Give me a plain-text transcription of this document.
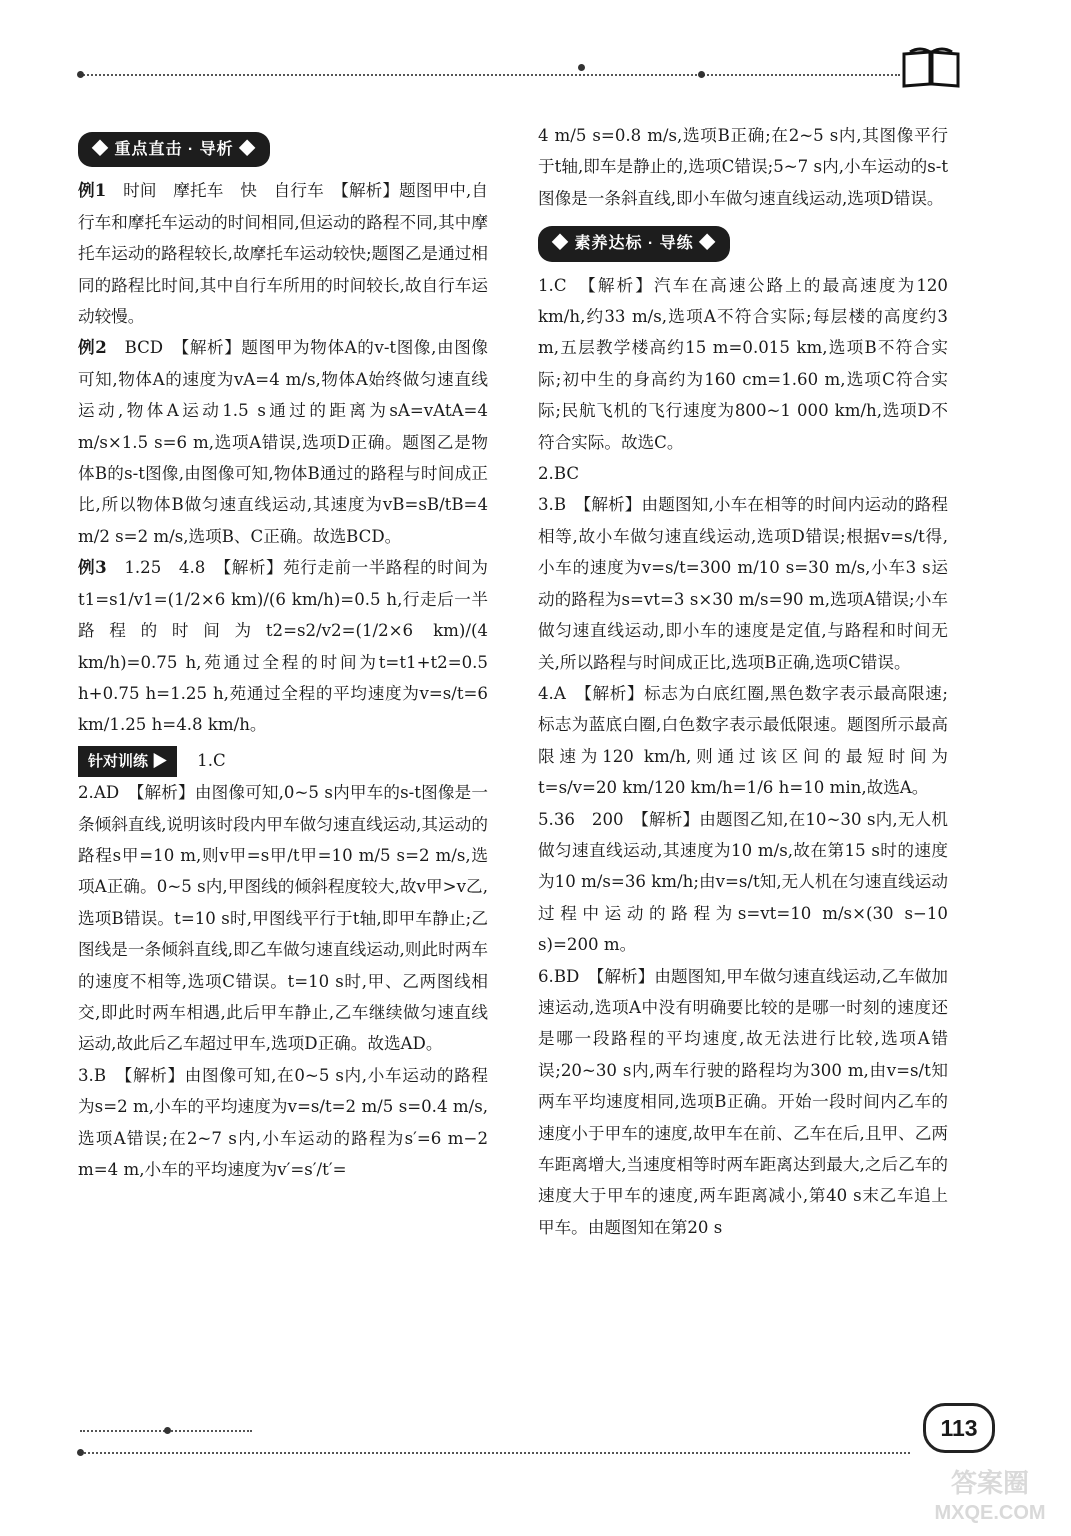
◆ 重点直击 · 导析 ◆

例1　 时间　摩托车　快　自行车　【解析】题图甲中,自行车和摩托车运动的时间相同,但运动的路程不同,其中摩托车运动的路程较长,故摩托车运动较快;题图乙是通过相同的路程比时间,其中自行车所用的时间较长,故自行车运动较慢。

例2　 BCD　【解析】题图甲为物体A的v-t图像,由图像可知,物体A的速度为vA=4 m/s,物体A始终做匀速直线运动,物体A运动1.5 s通过的距离为sA=vAtA=4 m/s×1.5 s=6 m,选项A错误,选项D正确。题图乙是物体B的s-t图像,由图像可知,物体B通过的路程与时间成正比,所以物体B做匀速直线运动,其速度为vB=sB/tB=4 m/2 s=2 m/s,选项B、C正确。故选BCD。

例3　 1.25　4.8　【解析】苑行走前一半路程的时间为t1=s1/v1=(1/2×6 km)/(6 km/h)=0.5 h,行走后一半路程的时间为t2=s2/v2=(1/2×6 km)/(4 km/h)=0.75 h,苑通过全程的时间为t=t1+t2=0.5 h+0.75 h=1.25 h,苑通过全程的平均速度为v=s/t=6 km/1.25 h=4.8 km/h。

针对训练 ▶ 1.C

2.AD　【解析】由图像可知,0~5 s内甲车的s-t图像是一条倾斜直线,说明该时段内甲车做匀速直线运动,其运动的路程s甲=10 m,则v甲=s甲/t甲=10 m/5 s=2 m/s,选项A正确。0~5 s内,甲图线的倾斜程度较大,故v甲>v乙,选项B错误。t=10 s时,甲图线平行于t轴,即甲车静止;乙图线是一条倾斜直线,即乙车做匀速直线运动,则此时两车的速度不相等,选项C错误。t=10 s时,甲、乙两图线相交,即此时两车相遇,此后甲车静止,乙车继续做匀速直线运动,故此后乙车超过甲车,选项D正确。故选AD。

3.B　【解析】由图像可知,在0~5 s内,小车运动的路程为s=2 m,小车的平均速度为v=s/t=2 m/5 s=0.4 m/s,选项A错误;在2~7 s内,小车运动的路程为s′=6 m−2 m=4 m,小车的平均速度为v′=s′/t′=

4 m/5 s=0.8 m/s,选项B正确;在2~5 s内,其图像平行于t轴,即车是静止的,选项C错误;5~7 s内,小车运动的s-t图像是一条斜直线,即小车做匀速直线运动,选项D错误。

◆ 素养达标 · 导练 ◆

1.C　【解析】汽车在高速公路上的最高速度为120 km/h,约33 m/s,选项A不符合实际;每层楼的高度约3 m,五层教学楼高约15 m=0.015 km,选项B不符合实际;初中生的身高约为160 cm=1.60 m,选项C符合实际;民航飞机的飞行速度为800~1 000 km/h,选项D不符合实际。故选C。

2.BC

3.B　【解析】由题图知,小车在相等的时间内运动的路程相等,故小车做匀速直线运动,选项D错误;根据v=s/t得,小车的速度为v=s/t=300 m/10 s=30 m/s,小车3 s运动的路程为s=vt=3 s×30 m/s=90 m,选项A错误;小车做匀速直线运动,即小车的速度是定值,与路程和时间无关,所以路程与时间成正比,选项B正确,选项C错误。

4.A　【解析】标志为白底红圈,黑色数字表示最高限速;标志为蓝底白圈,白色数字表示最低限速。题图所示最高限速为120 km/h,则通过该区间的最短时间为t=s/v=20 km/120 km/h=1/6 h=10 min,故选A。

5.36　200　【解析】由题图乙知,在10~30 s内,无人机做匀速直线运动,其速度为10 m/s,故在第15 s时的速度为10 m/s=36 km/h;由v=s/t知,无人机在匀速直线运动过程中运动的路程为s=vt=10 m/s×(30 s−10 s)=200 m。

6.BD　【解析】由题图知,甲车做匀速直线运动,乙车做加速运动,选项A中没有明确要比较的是哪一时刻的速度还是哪一段路程的平均速度,故无法进行比较,选项A错误;20~30 s内,两车行驶的路程均为300 m,由v=s/t知两车平均速度相同,选项B正确。开始一段时间内乙车的速度小于甲车的速度,故甲车在前、乙车在后,且甲、乙两车距离增大,当速度相等时两车距离达到最大,之后乙车的速度大于甲车的速度,两车距离减小,第40 s末乙车追上甲车。由题图知在第20 s

113
答案圈
MXQE.COM
